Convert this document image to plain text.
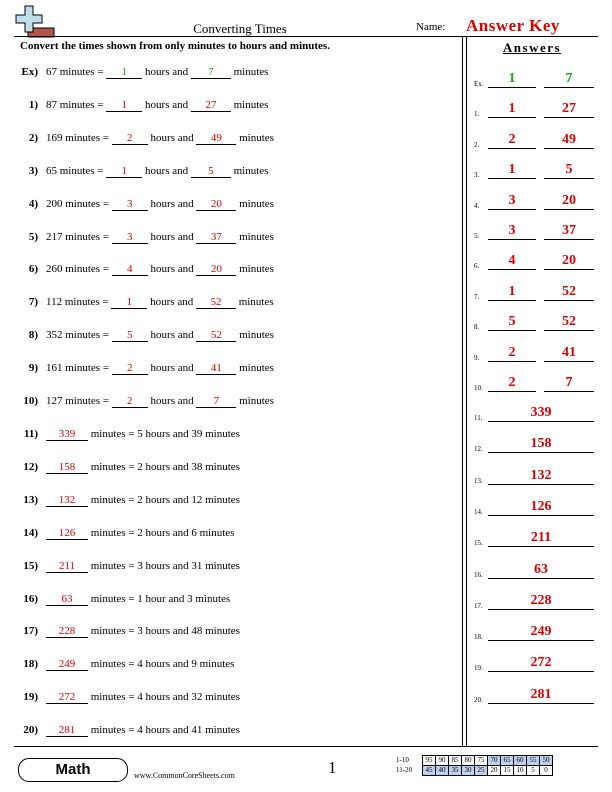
Converting Times	Name: Answer Key
Convert the times shown from only minutes to hours and minutes.	Answers
Ex) 67 minutes = 1 hours and 7 minutes
1) 87 minutes = 1 hours and 27 minutes
2) 169 minutes = 2 hours and 49 minutes
3) 65 minutes = 1 hours and 5 minutes
4) 200 minutes = 3 hours and 20 minutes
5) 217 minutes = 3 hours and 37 minutes
6) 260 minutes = 4 hours and 20 minutes
7) 112 minutes = 1 hours and 52 minutes
8) 352 minutes = 5 hours and 52 minutes
9) 161 minutes = 2 hours and 41 minutes
10) 127 minutes = 2 hours and 7 minutes
11)	339 minutes = 5 hours and 39 minutes
12)	158 minutes = 2 hours and 38 minutes
13)	132 minutes = 2 hours and 12 minutes
14)	126 minutes = 2 hours and 6 minutes
15)	211 minutes = 3 hours and 31 minutes
16)	63 minutes = 1 hour and 3 minutes
17)	228 minutes = 3 hours and 48 minutes
18)	249 minutes = 4 hours and 9 minutes
19)	272 minutes = 4 hours and 32 minutes
20)	281 minutes = 4 hours and 41 minutes
Ex.	1	7
1.	1	27
2.	2	49
3.	1	5
4.	3	20
5.	3	37
6.	4	20
7.	1	52
8.	5	52
9.	2	41
10.	2	7
11.	339
12.	158
13.	132
14.	126
15.	211
16.	63
17.	228
18.	249
19.	272
20.	281
Math	www.CommonCoreSheets.com	1	1-10	95	90	85	80	75	70	65	60	55	50
11-20	45	40	35	30	25	20	15	10	5	0
